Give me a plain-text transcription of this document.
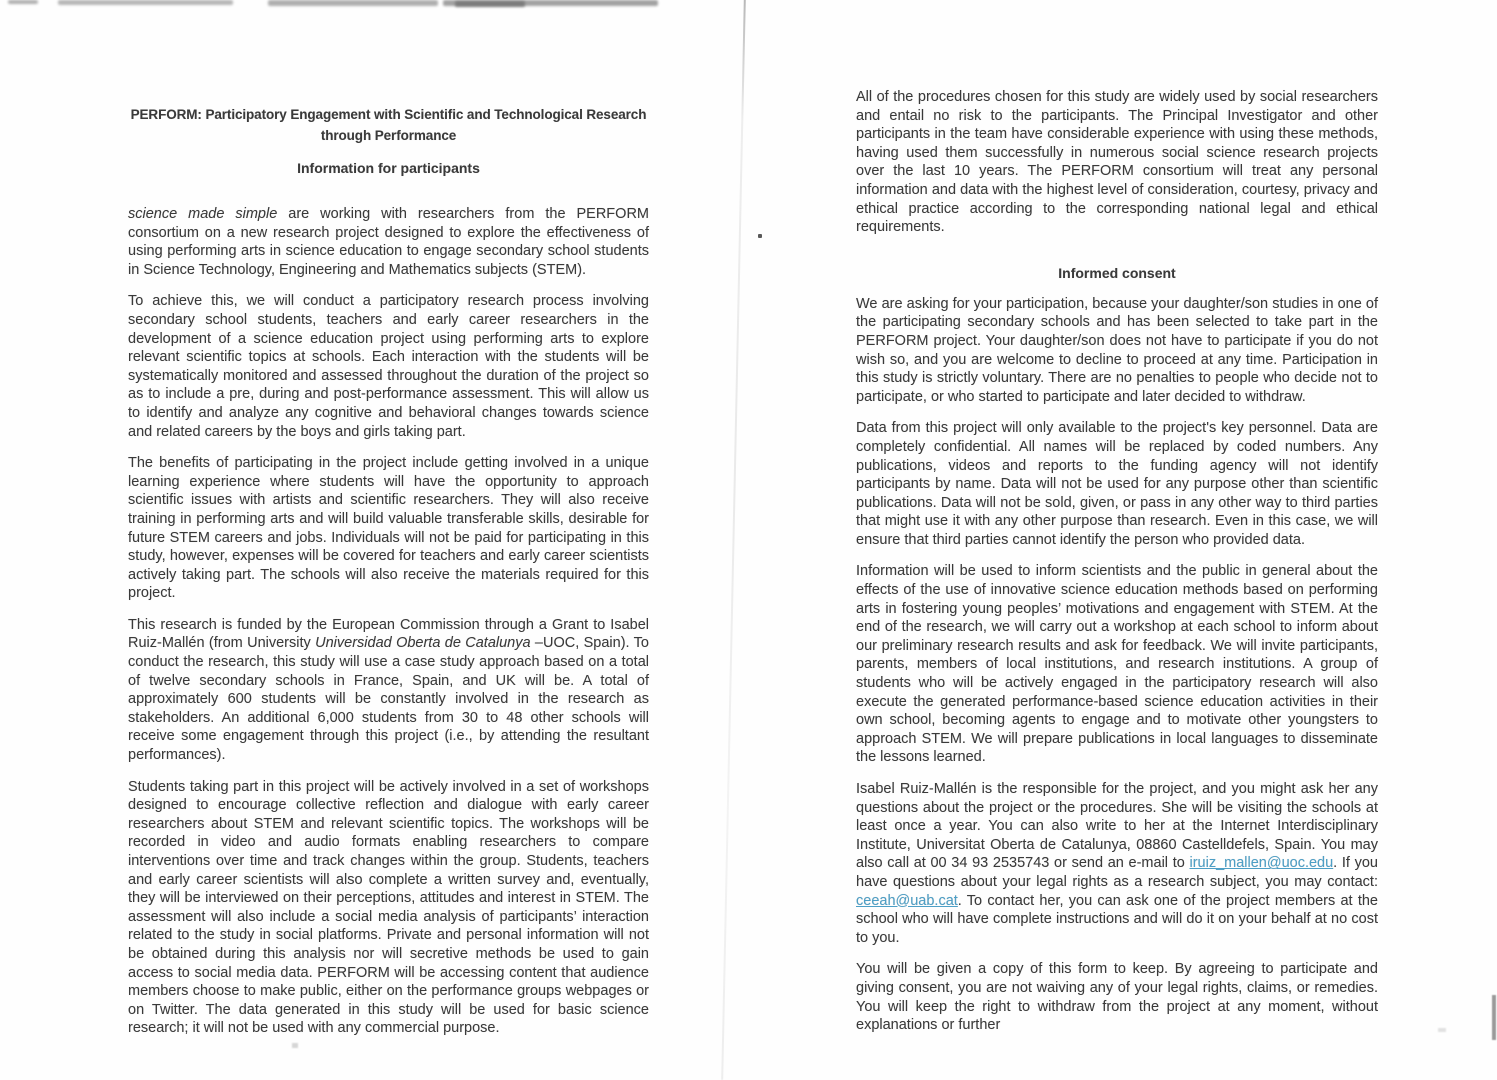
PERFORM: Participatory Engagement with Scientific and Technological Research
through Performance
Information for participants

science made simple are working with researchers from the PERFORM consortium on a new research project designed to explore the effectiveness of using performing arts in science education to engage secondary school students in Science Technology, Engineering and Mathematics subjects (STEM).

To achieve this, we will conduct a participatory research process involving secondary school students, teachers and early career researchers in the development of a science education project using performing arts to explore relevant scientific topics at schools. Each interaction with the students will be systematically monitored and assessed throughout the duration of the project so as to include a pre, during and post-performance assessment. This will allow us to identify and analyze any cognitive and behavioral changes towards science and related careers by the boys and girls taking part.

The benefits of participating in the project include getting involved in a unique learning experience where students will have the opportunity to approach scientific issues with artists and scientific researchers. They will also receive training in performing arts and will build valuable transferable skills, desirable for future STEM careers and jobs. Individuals will not be paid for participating in this study, however, expenses will be covered for teachers and early career scientists actively taking part. The schools will also receive the materials required for this project.

This research is funded by the European Commission through a Grant to Isabel Ruiz-Mallén (from University Universidad Oberta de Catalunya –UOC, Spain). To conduct the research, this study will use a case study approach based on a total of twelve secondary schools in France, Spain, and UK will be. A total of approximately 600 students will be constantly involved in the research as stakeholders. An additional 6,000 students from 30 to 48 other schools will receive some engagement through this project (i.e., by attending the resultant performances).

Students taking part in this project will be actively involved in a set of workshops designed to encourage collective reflection and dialogue with early career researchers about STEM and relevant scientific topics. The workshops will be recorded in video and audio formats enabling researchers to compare interventions over time and track changes within the group. Students, teachers and early career scientists will also complete a written survey and, eventually, they will be interviewed on their perceptions, attitudes and interest in STEM. The assessment will also include a social media analysis of participants’ interaction related to the study in social platforms. Private and personal information will not be obtained during this analysis nor will secretive methods be used to gain access to social media data. PERFORM will be accessing content that audience members choose to make public, either on the performance groups webpages or on Twitter. The data generated in this study will be used for basic science research; it will not be used with any commercial purpose.

All of the procedures chosen for this study are widely used by social researchers and entail no risk to the participants. The Principal Investigator and other participants in the team have considerable experience with using these methods, having used them successfully in numerous social science research projects over the last 10 years. The PERFORM consortium will treat any personal information and data with the highest level of consideration, courtesy, privacy and ethical practice according to the corresponding national legal and ethical requirements.

Informed consent

We are asking for your participation, because your daughter/son studies in one of the participating secondary schools and has been selected to take part in the PERFORM project. Your daughter/son does not have to participate if you do not wish so, and you are welcome to decline to proceed at any time. Participation in this study is strictly voluntary. There are no penalties to people who decide not to participate, or who started to participate and later decided to withdraw.

Data from this project will only available to the project's key personnel. Data are completely confidential. All names will be replaced by coded numbers. Any publications, videos and reports to the funding agency will not identify participants by name. Data will not be used for any purpose other than scientific publications. Data will not be sold, given, or pass in any other way to third parties that might use it with any other purpose than research. Even in this case, we will ensure that third parties cannot identify the person who provided data.

Information will be used to inform scientists and the public in general about the effects of the use of innovative science education methods based on performing arts in fostering young peoples’ motivations and engagement with STEM. At the end of the research, we will carry out a workshop at each school to inform about our preliminary research results and ask for feedback. We will invite participants, parents, members of local institutions, and research institutions. A group of students who will be actively engaged in the participatory research will also execute the generated performance-based science education activities in their own school, becoming agents to engage and to motivate other youngsters to approach STEM. We will prepare publications in local languages to disseminate the lessons learned.

Isabel Ruiz-Mallén is the responsible for the project, and you might ask her any questions about the project or the procedures. She will be visiting the schools at least once a year. You can also write to her at the Internet Interdisciplinary Institute, Universitat Oberta de Catalunya, 08860 Castelldefels, Spain. You may also call at 00 34 93 2535743 or send an e-mail to iruiz_mallen@uoc.edu. If you have questions about your legal rights as a research subject, you may contact: ceeah@uab.cat. To contact her, you can ask one of the project members at the school who will have complete instructions and will do it on your behalf at no cost to you.

You will be given a copy of this form to keep. By agreeing to participate and giving consent, you are not waiving any of your legal rights, claims, or remedies. You will keep the right to withdraw from the project at any moment, without explanations or further
